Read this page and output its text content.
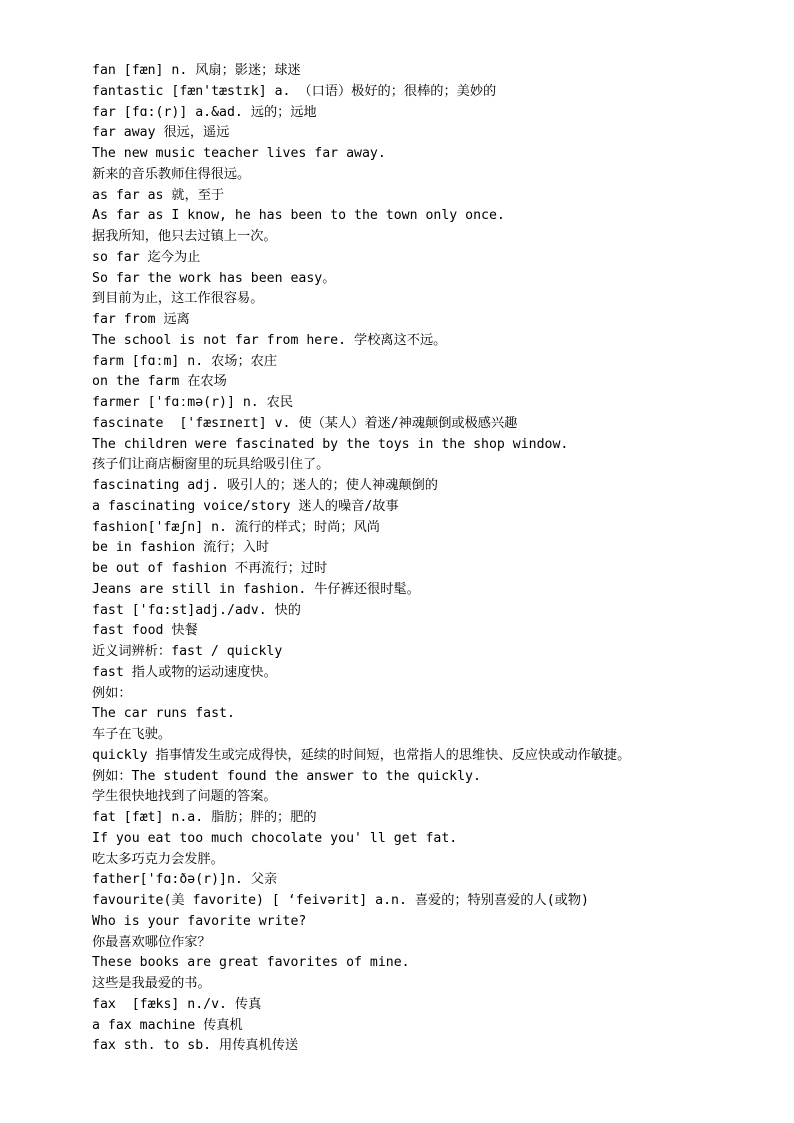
fan [fæn] n. 风扇；影迷；球迷
fantastic [fæn'tæstɪk] a. （口语）极好的；很棒的；美妙的
far [fɑ:(r)] a.&ad. 远的；远地
far away 很远，遥远
The new music teacher lives far away.
新来的音乐教师住得很远。
as far as 就，至于
As far as I know, he has been to the town only once.
据我所知，他只去过镇上一次。
so far 迄今为止
So far the work has been easy。
到目前为止，这工作很容易。
far from 远离
The school is not far from here. 学校离这不远。
farm [fɑːm] n. 农场；农庄
on the farm 在农场
farmer ['fɑːmə(r)] n. 农民
fascinate  ['fæsɪneɪt] v. 使（某人）着迷/神魂颠倒或极感兴趣
The children were fascinated by the toys in the shop window.
孩子们让商店橱窗里的玩具给吸引住了。
fascinating adj. 吸引人的；迷人的；使人神魂颠倒的
a fascinating voice/story 迷人的噪音/故事
fashion['fæʃn] n. 流行的样式；时尚；风尚
be in fashion 流行；入时
be out of fashion 不再流行；过时
Jeans are still in fashion. 牛仔裤还很时髦。
fast ['fɑ:st]adj./adv. 快的
fast food 快餐
近义词辨析：fast / quickly
fast 指人或物的运动速度快。
例如：
The car runs fast.
车子在飞驶。
quickly 指事情发生或完成得快，延续的时间短，也常指人的思维快、反应快或动作敏捷。
例如：The student found the answer to the quickly.
学生很快地找到了问题的答案。
fat [fæt] n.a. 脂肪；胖的；肥的
If you eat too much chocolate you' ll get fat.
吃太多巧克力会发胖。
father['fɑ:ðə(r)]n. 父亲
favourite(美 favorite) [ ‘feivərit] a.n. 喜爱的；特别喜爱的人(或物)
Who is your favorite write?
你最喜欢哪位作家？
These books are great favorites of mine.
这些是我最爱的书。
fax  [fæks] n./v. 传真
a fax machine 传真机
fax sth. to sb. 用传真机传送
